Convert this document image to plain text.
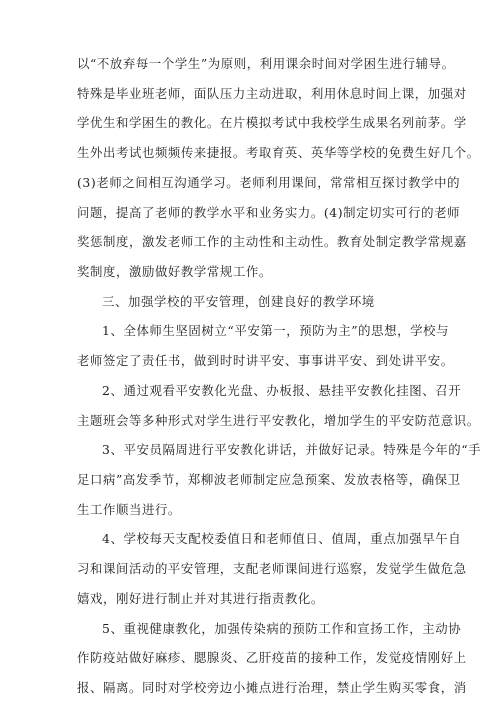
以“不放弃每一个学生”为原则，利用课余时间对学困生进行辅导。
特殊是毕业班老师，面队压力主动进取，利用休息时间上课，加强对
学优生和学困生的教化。在片模拟考试中我校学生成果名列前茅。学
生外出考试也频频传来捷报。考取育英、英华等学校的免费生好几个。
(3)老师之间相互沟通学习。老师利用课间，常常相互探讨教学中的
问题，提高了老师的教学水平和业务实力。(4)制定切实可行的老师
奖惩制度，激发老师工作的主动性和主动性。教育处制定教学常规嘉
奖制度，激励做好教学常规工作。
三、加强学校的平安管理，创建良好的教学环境
1、全体师生坚固树立“平安第一，预防为主”的思想，学校与
老师签定了责任书，做到时时讲平安、事事讲平安、到处讲平安。
2、通过观看平安教化光盘、办板报、悬挂平安教化挂图、召开
主题班会等多种形式对学生进行平安教化，增加学生的平安防范意识。
3、平安员隔周进行平安教化讲话，并做好记录。特殊是今年的“手
足口病”高发季节，郑柳波老师制定应急预案、发放表格等，确保卫
生工作顺当进行。
4、学校每天支配校委值日和老师值日、值周，重点加强早午自
习和课间活动的平安管理，支配老师课间进行巡察，发觉学生做危急
嬉戏，刚好进行制止并对其进行指责教化。
5、重视健康教化，加强传染病的预防工作和宣扬工作，主动协
作防疫站做好麻疹、腮腺炎、乙肝疫苗的接种工作，发觉疫情刚好上
报、隔离。同时对学校旁边小摊点进行治理，禁止学生购买零食，消
